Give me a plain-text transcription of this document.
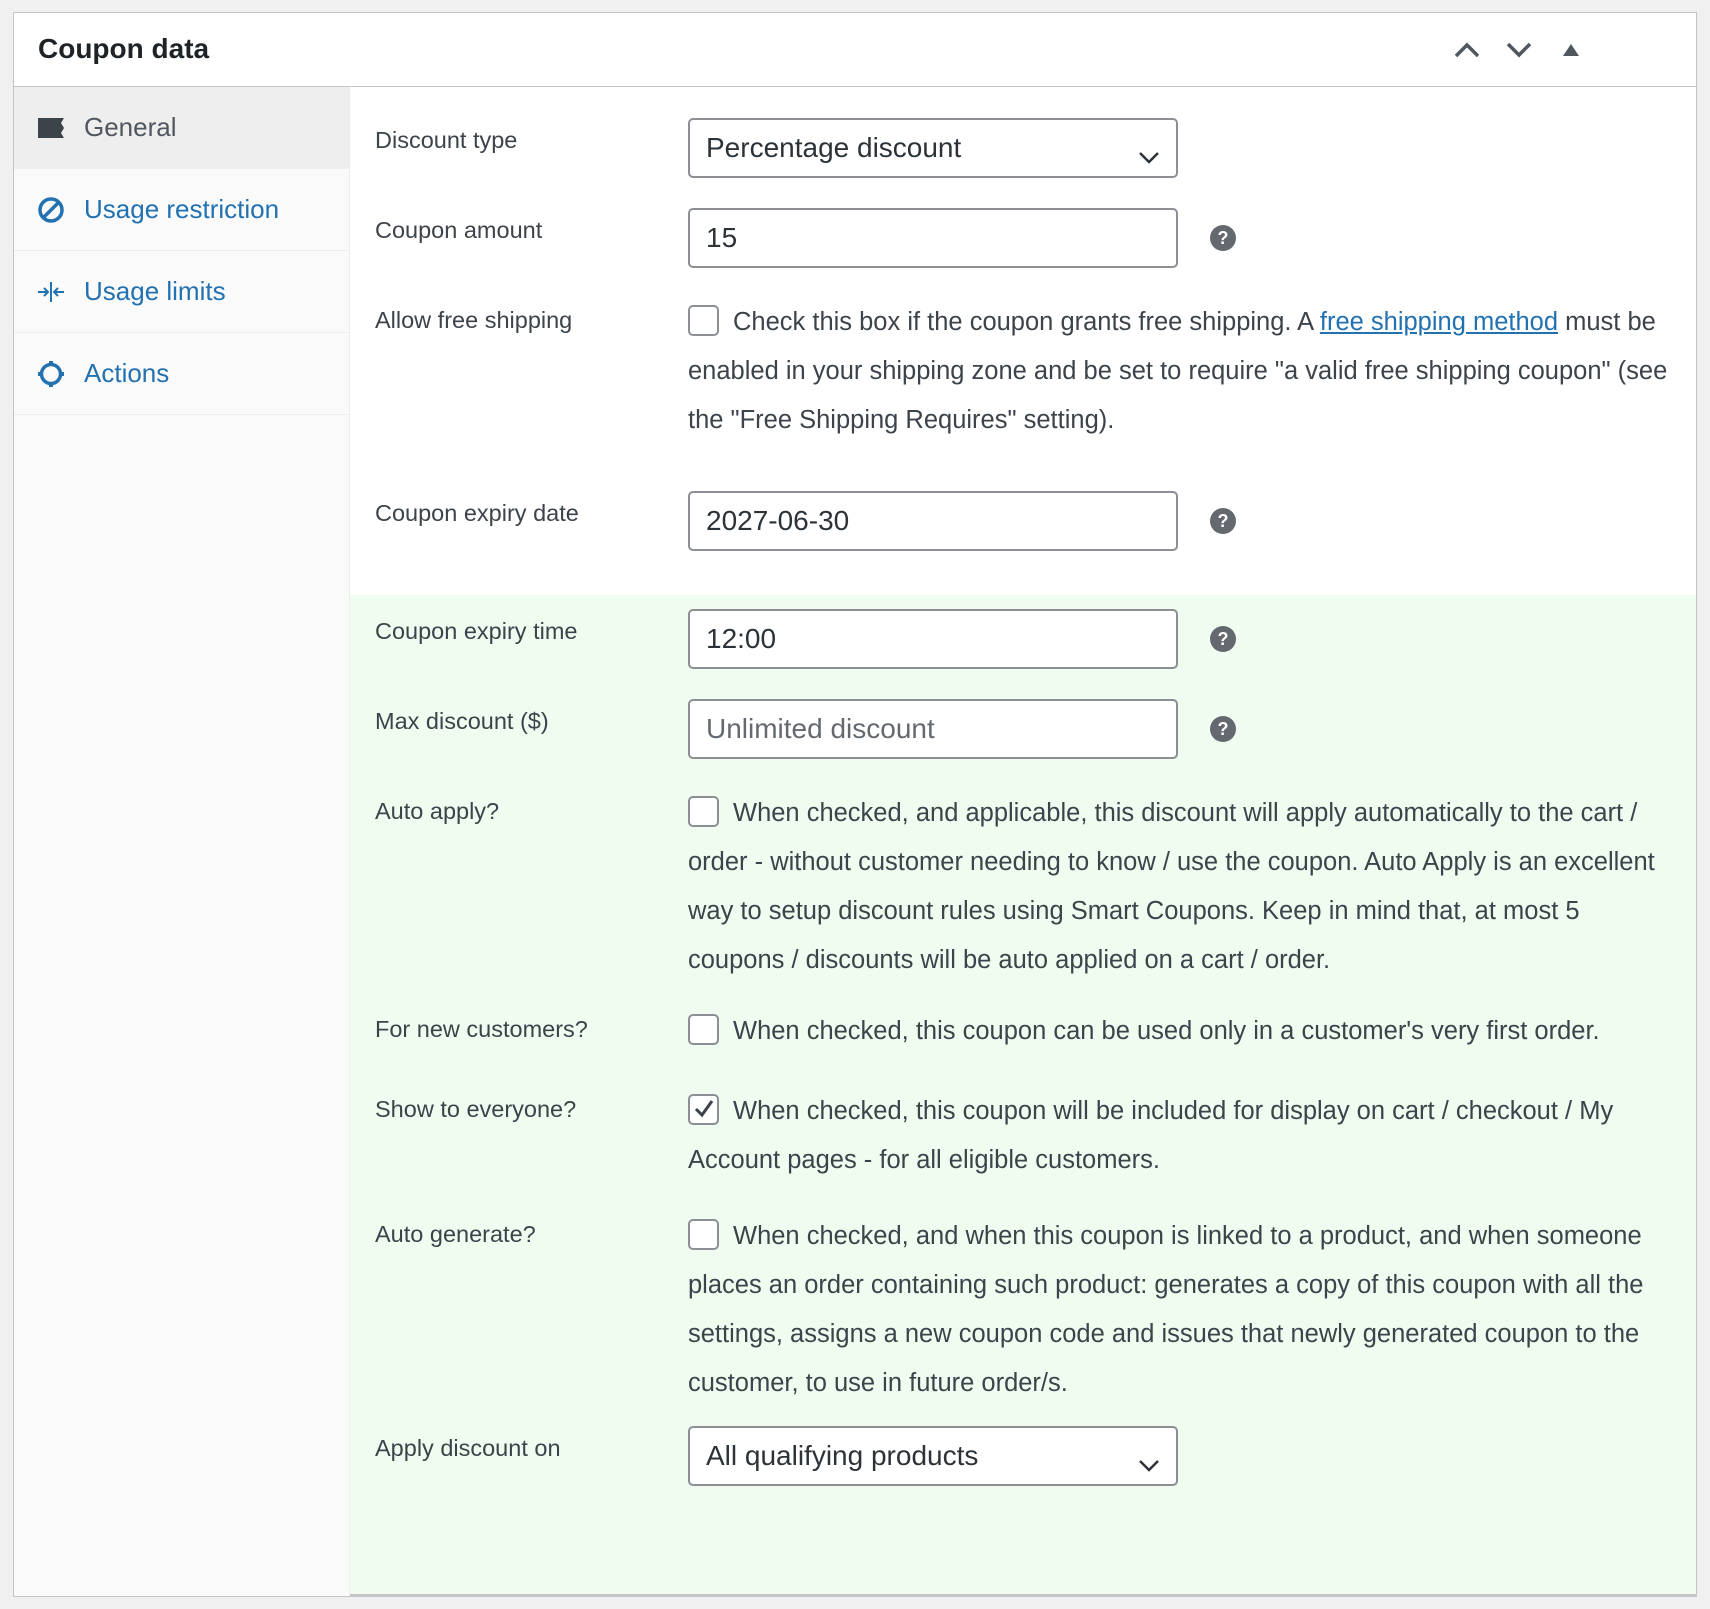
Coupon data
General
Usage restriction
Usage limits
Actions
Discount type	Percentage discount
Coupon amount	15	?
Allow free shipping	Check this box if the coupon grants free shipping. A free shipping method must be enabled in your shipping zone and be set to require "a valid free shipping coupon" (see the "Free Shipping Requires" setting).
Coupon expiry date	2027-06-30	?
Coupon expiry time	12:00	?
Max discount ($)	Unlimited discount	?
Auto apply?	When checked, and applicable, this discount will apply automatically to the cart / order - without customer needing to know / use the coupon. Auto Apply is an excellent way to setup discount rules using Smart Coupons. Keep in mind that, at most 5 coupons / discounts will be auto applied on a cart / order.
For new customers?	When checked, this coupon can be used only in a customer's very first order.
Show to everyone?	When checked, this coupon will be included for display on cart / checkout / My Account pages - for all eligible customers.
Auto generate?	When checked, and when this coupon is linked to a product, and when someone places an order containing such product: generates a copy of this coupon with all the settings, assigns a new coupon code and issues that newly generated coupon to the customer, to use in future order/s.
Apply discount on	All qualifying products
